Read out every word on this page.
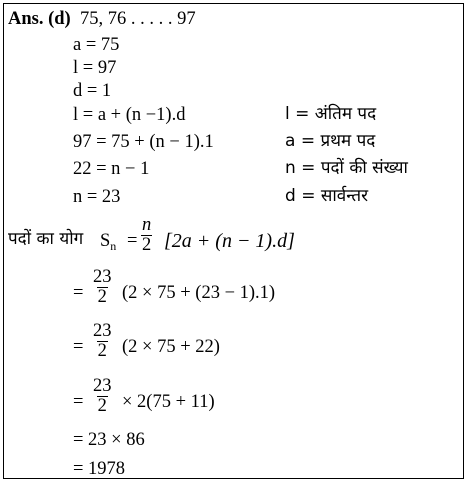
Ans. (d) 75, 76 . . . . . 97
a = 75
l = 97
d = 1
l = a + (n −1).d	l = अंतिम पद
97 = 75 + (n − 1).1	a = प्रथम पद
22 = n − 1	n = पदों की संख्या
n = 23	d = सार्वन्तर
पदों का योग $S_n = \frac{n}{2} [2a + (n - 1).d]$
= $\frac{23}{2} (2 \times 75 + (23 - 1).1)$
= $\frac{23}{2} (2 \times 75 + 22)$
= $\frac{23}{2} \times 2(75 + 11)$
= 23 × 86
= 1978
